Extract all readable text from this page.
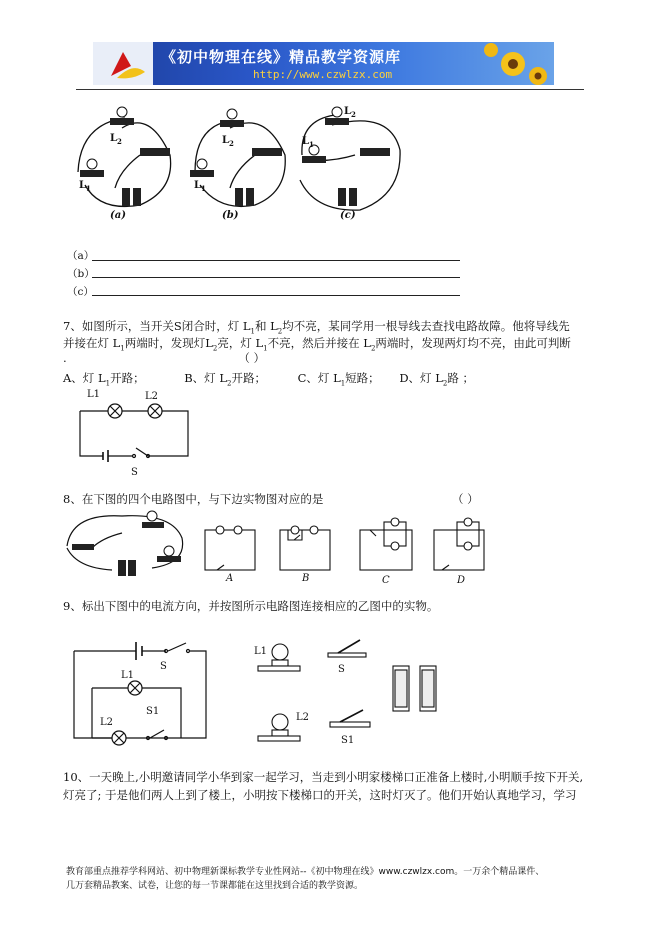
《初中物理在线》精品教学资源库
http://www.czwlzx.com
$L_2$
$L_1$
$L_2$
$L_1$
$L_2$
$L_1$
(a)	(b)	(c)
（a）
（b）
（c）
7、如图所示，当开关S闭合时，灯 $L_1$和 $L_2$均不亮，某同学用一根导线去查找电路故障。他将导线先
并接在灯 $L_1$两端时，发现灯$L_2$亮，灯 $L_1$不亮，然后并接在 $L_2$两端时，发现两灯均不亮，由此可判断
.	（ ）
A、灯 $L_1$开路；	B、灯 $L_2$开路；	C、灯 $L_1$短路； D、灯 $L_2$路 ；
L1	L2
S
8、在下图的四个电路图中，与下边实物图对应的是	（ ）
A	B	C	D
9、标出下图中的电流方向，并按图所示电路图连接相应的乙图中的实物。
S
L1
S1
L2
L1
S
L2
S1
10、一天晚上,小明邀请同学小华到家一起学习，当走到小明家楼梯口正准备上楼时,小明顺手按下开关,
灯亮了; 于是他们两人上到了楼上，小明按下楼梯口的开关，这时灯灭了。他们开始认真地学习，学习
教育部重点推荐学科网站、初中物理新课标教学专业性网站--《初中物理在线》www.czwlzx.com。一万余个精品课件、
几万套精品教案、试卷，让您的每一节课都能在这里找到合适的教学资源。
